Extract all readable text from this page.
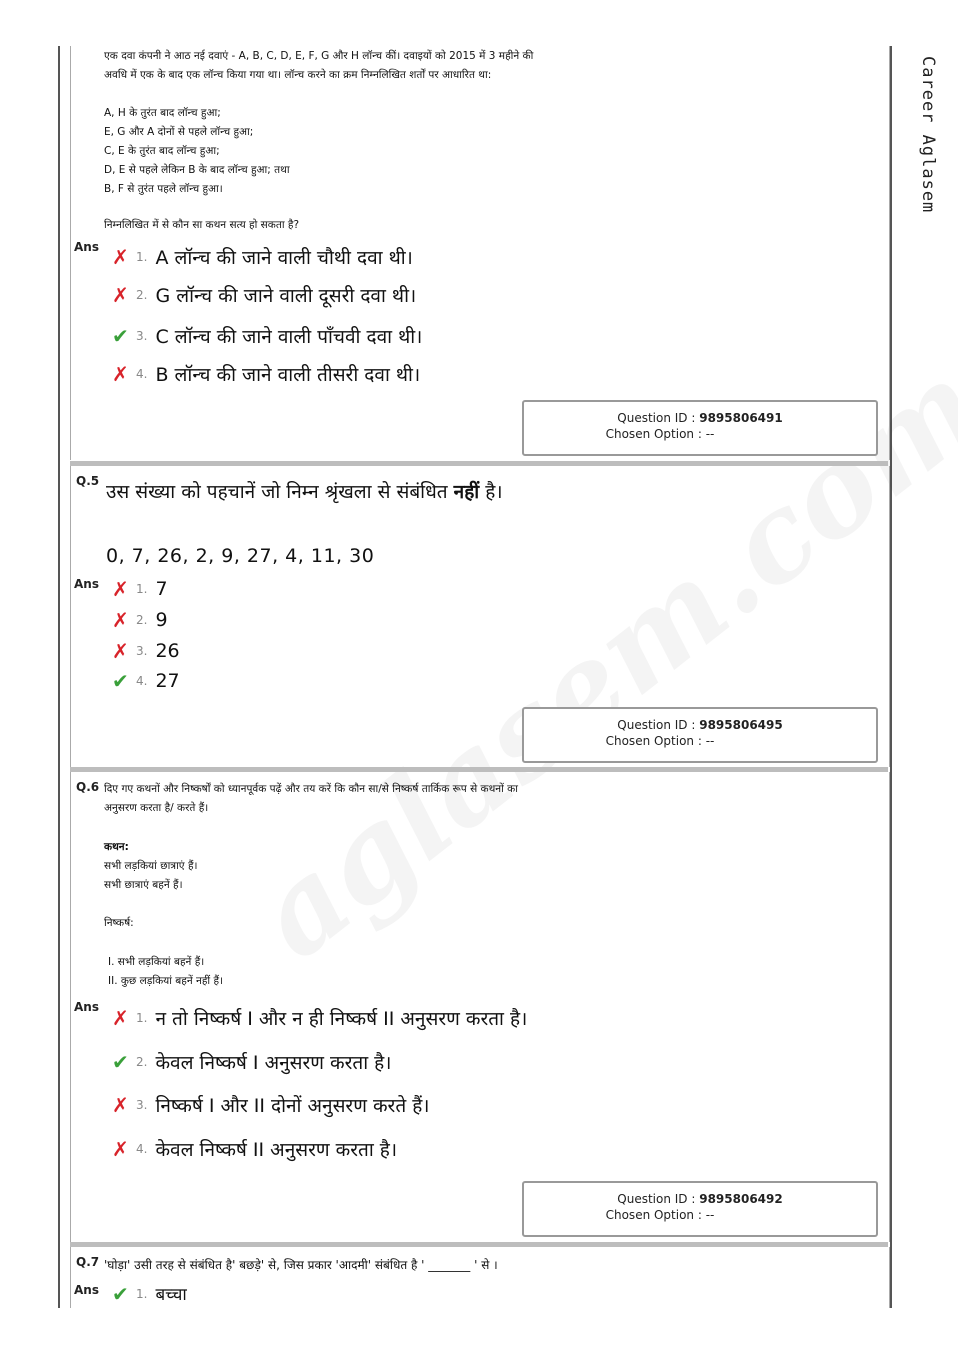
Career Aglasem
एक दवा कंपनी ने आठ नई दवाएं - A, B, C, D, E, F, G और H लॉन्च कीं। दवाइयों को 2015 में 3 महीने की
अवधि में एक के बाद एक लॉन्च किया गया था। लॉन्च करने का क्रम निम्नलिखित शर्तों पर आधारित था:
A, H के तुरंत बाद लॉन्च हुआ;
E, G और A दोनों से पहले लॉन्च हुआ;
C, E के तुरंत बाद लॉन्च हुआ;
D, E से पहले लेकिन B के बाद लॉन्च हुआ; तथा
B, F से तुरंत पहले लॉन्च हुआ।
निम्नलिखित में से कौन सा कथन सत्य हो सकता है?
Ans ✗ 1. A लॉन्च की जाने वाली चौथी दवा थी।
✗ 2. G लॉन्च की जाने वाली दूसरी दवा थी।
✔ 3. C लॉन्च की जाने वाली पाँचवी दवा थी।
✗ 4. B लॉन्च की जाने वाली तीसरी दवा थी।
Question ID : 9895806491
Chosen Option : --
Q.5 उस संख्या को पहचानें जो निम्न श्रृंखला से संबंधित नहीं है।
0, 7, 26, 2, 9, 27, 4, 11, 30
Ans ✗ 1. 7
✗ 2. 9
✗ 3. 26
✔ 4. 27
Question ID : 9895806495
Chosen Option : --
Q.6 दिए गए कथनों और निष्कर्षों को ध्यानपूर्वक पढ़ें और तय करें कि कौन सा/से निष्कर्ष तार्किक रूप से कथनों का
अनुसरण करता है/ करते हैं।
कथन:
सभी लड़कियां छात्राएं हैं।
सभी छात्राएं बहनें हैं।
निष्कर्ष:
I. सभी लड़कियां बहनें हैं।
II. कुछ लड़कियां बहनें नहीं हैं।
Ans ✗ 1. न तो निष्कर्ष I और न ही निष्कर्ष II अनुसरण करता है।
✔ 2. केवल निष्कर्ष I अनुसरण करता है।
✗ 3. निष्कर्ष I और II दोनों अनुसरण करते हैं।
✗ 4. केवल निष्कर्ष II अनुसरण करता है।
Question ID : 9895806492
Chosen Option : --
Q.7 'घोड़ा' उसी तरह से संबंधित है' बछड़े' से, जिस प्रकार 'आदमी' संबंधित है ' _______ ' से ।
Ans ✔ 1. बच्चा
